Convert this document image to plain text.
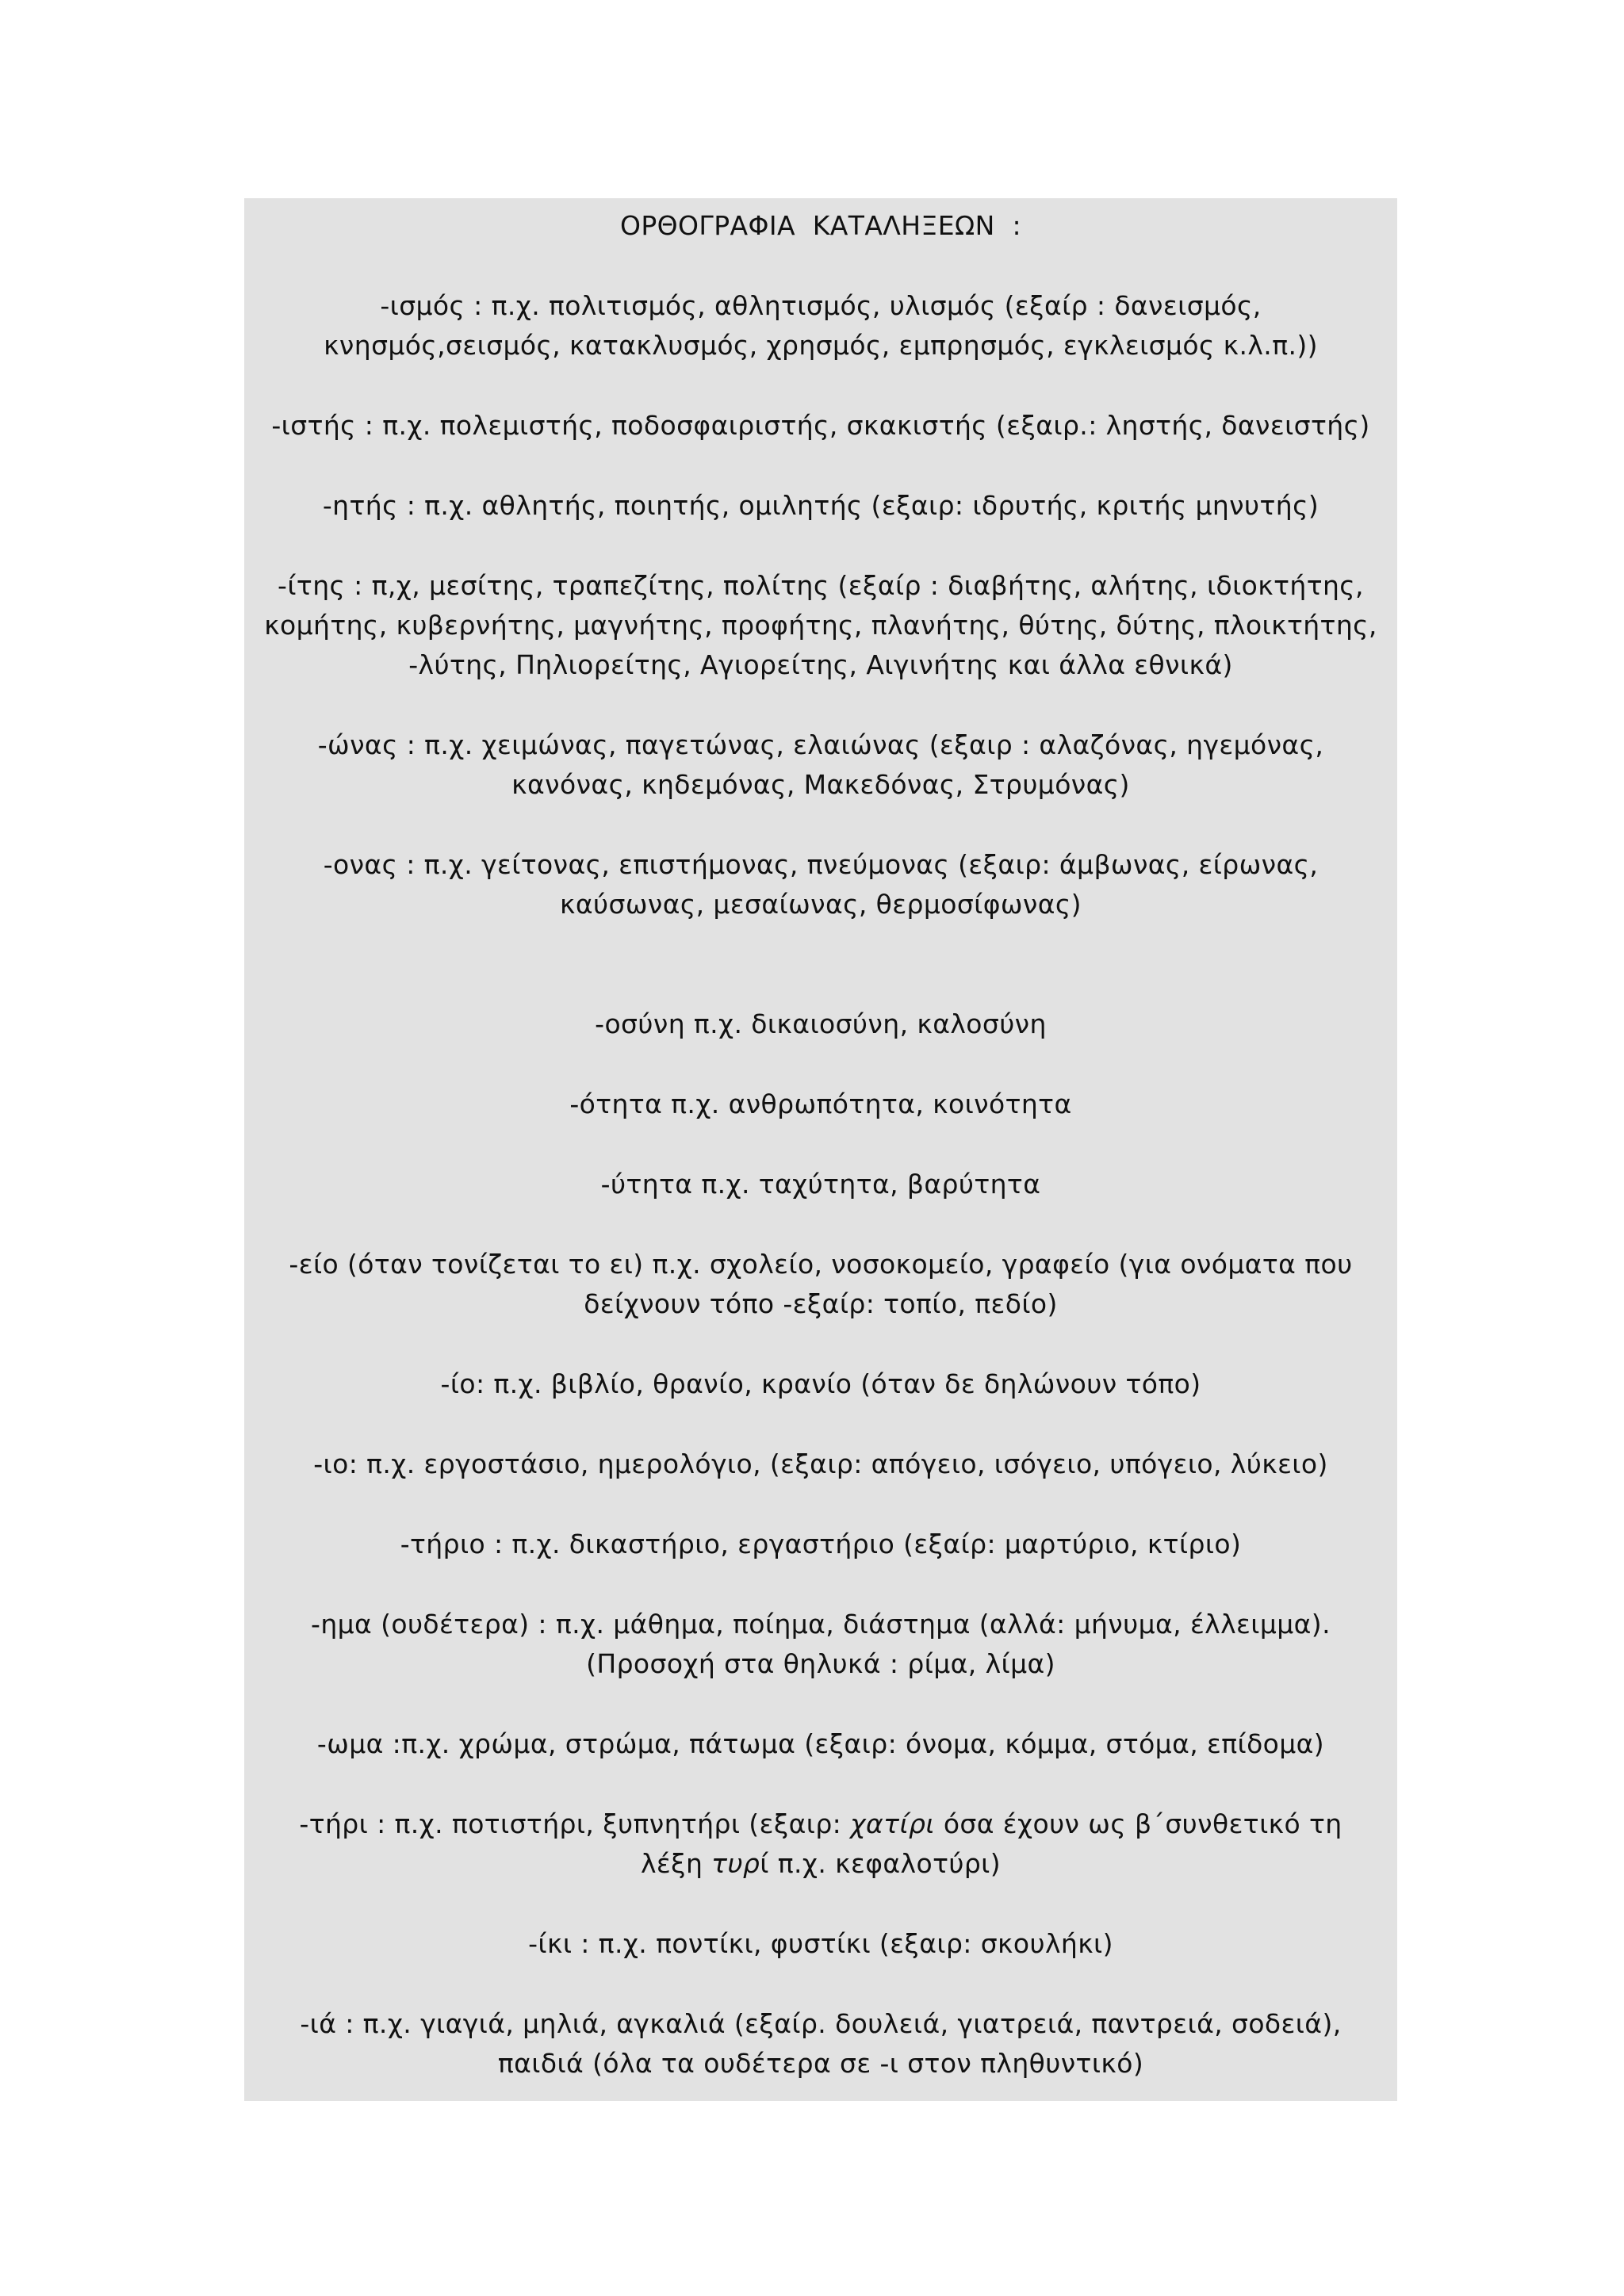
ΟΡΘΟΓΡΑΦΙΑ  ΚΑΤΑΛΗΞΕΩΝ  :

-ισμός : π.χ. πολιτισμός, αθλητισμός, υλισμός (εξαίρ : δανεισμός,

κνησμός,σεισμός, κατακλυσμός, χρησμός, εμπρησμός, εγκλεισμός κ.λ.π.))

-ιστής : π.χ. πολεμιστής, ποδοσφαιριστής, σκακιστής (εξαιρ.: ληστής, δανειστής)

-ητής : π.χ. αθλητής, ποιητής, ομιλητής (εξαιρ: ιδρυτής, κριτής μηνυτής)

-ίτης : π,χ, μεσίτης, τραπεζίτης, πολίτης (εξαίρ : διαβήτης, αλήτης, ιδιοκτήτης,

κομήτης, κυβερνήτης, μαγνήτης, προφήτης, πλανήτης, θύτης, δύτης, πλοικτήτης,

-λύτης, Πηλιορείτης, Αγιορείτης, Αιγινήτης και άλλα εθνικά)

-ώνας : π.χ. χειμώνας, παγετώνας, ελαιώνας (εξαιρ : αλαζόνας, ηγεμόνας,

κανόνας, κηδεμόνας, Μακεδόνας, Στρυμόνας)

-ονας : π.χ. γείτονας, επιστήμονας, πνεύμονας (εξαιρ: άμβωνας, είρωνας,

καύσωνας, μεσαίωνας, θερμοσίφωνας)

-οσύνη π.χ. δικαιοσύνη, καλοσύνη

-ότητα π.χ. ανθρωπότητα, κοινότητα

-ύτητα π.χ. ταχύτητα, βαρύτητα

-είο (όταν τονίζεται το ει) π.χ. σχολείο, νοσοκομείο, γραφείο (για ονόματα που

δείχνουν τόπο -εξαίρ: τοπίο, πεδίο)

-ίο: π.χ. βιβλίο, θρανίο, κρανίο (όταν δε δηλώνουν τόπο)

-ιο: π.χ. εργοστάσιο, ημερολόγιο, (εξαιρ: απόγειο, ισόγειο, υπόγειο, λύκειο)

-τήριο : π.χ. δικαστήριο, εργαστήριο (εξαίρ: μαρτύριο, κτίριο)

-ημα (ουδέτερα) : π.χ. μάθημα, ποίημα, διάστημα (αλλά: μήνυμα, έλλειμμα).

(Προσοχή στα θηλυκά : ρίμα, λίμα)

-ωμα :π.χ. χρώμα, στρώμα, πάτωμα (εξαιρ: όνομα, κόμμα, στόμα, επίδομα)

-τήρι : π.χ. ποτιστήρι, ξυπνητήρι (εξαιρ: χατίρι όσα έχουν ως β΄συνθετικό τη

λέξη τυρί π.χ. κεφαλοτύρι)

-ίκι : π.χ. ποντίκι, φυστίκι (εξαιρ: σκουλήκι)

-ιά : π.χ. γιαγιά, μηλιά, αγκαλιά (εξαίρ. δουλειά, γιατρειά, παντρειά, σοδειά),

παιδιά (όλα τα ουδέτερα σε -ι στον πληθυντικό)
